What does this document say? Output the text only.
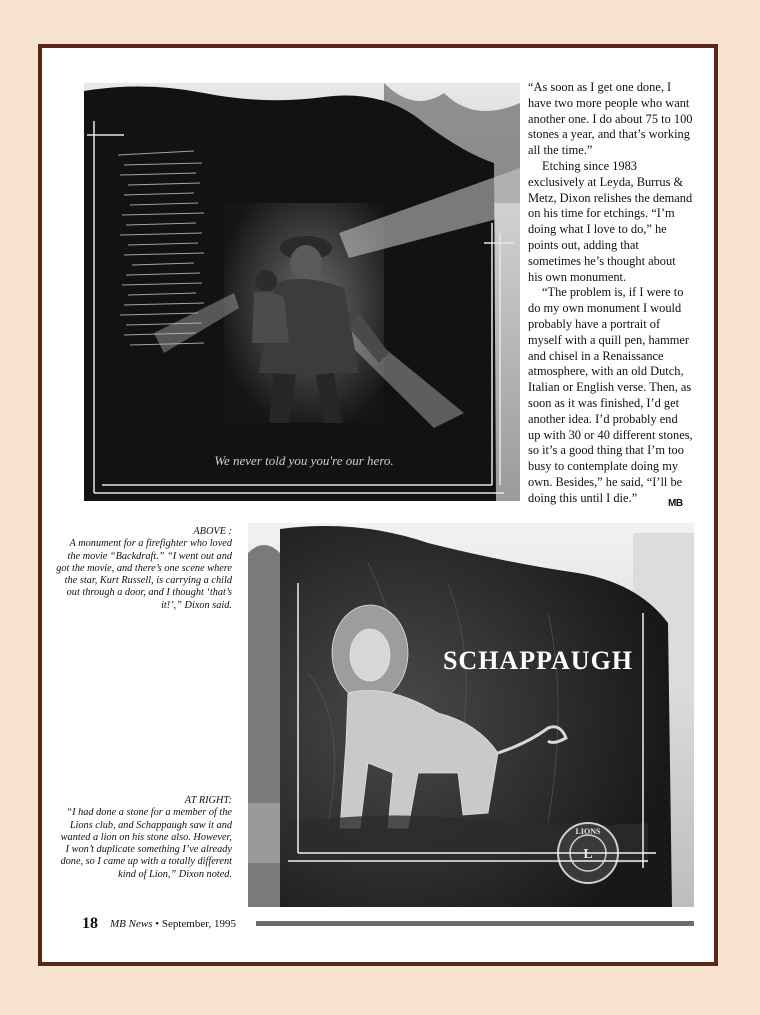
We never told you you're our hero.

“As soon as I get one done, I have two more people who want another one. I do about 75 to 100 stones a year, and that’s working all the time.”

Etching since 1983 exclusively at Leyda, Burrus & Metz, Dixon relishes the demand on his time for etchings. “I’m doing what I love to do,” he points out, adding that sometimes he’s thought about his own monument.

“The problem is, if I were to do my own monument I would probably have a portrait of myself with a quill pen, hammer and chisel in a Renaissance atmosphere, with an old Dutch, Italian or English verse. Then, as soon as it was finished, I’d get another idea. I’d probably end up with 30 or 40 different stones, so it’s a good thing that I’m too busy to contemplate doing my own. Besides,” he said, “I’ll be doing this until I die.”	MB
ABOVE :
A monument for a firefighter who loved the movie “Backdraft.” “I went out and got the movie, and there’s one scene where the star, Kurt Russell, is carrying a child out through a door, and I thought ‘that’s it!’,” Dixon said.
AT RIGHT:
“I had done a stone for a member of the Lions club, and Schappaugh saw it and wanted a lion on his stone also. However, I won’t duplicate something I’ve already done, so I came up with a totally different kind of Lion,” Dixon noted.
LIONS
L
SCHAPPAUGH
18 MB News • September, 1995
